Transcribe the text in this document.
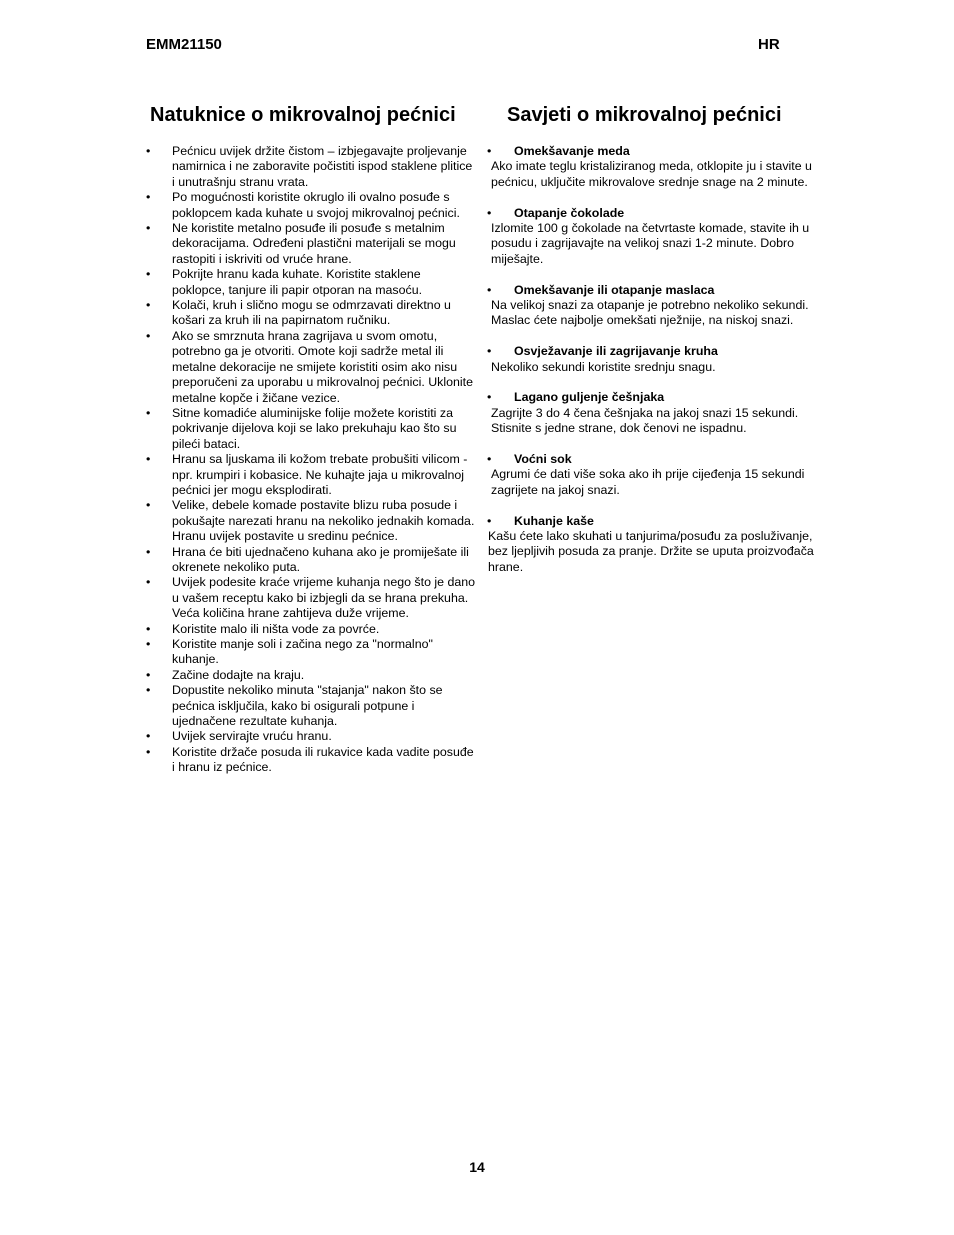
EMM21150	HR
Natuknice o mikrovalnoj pećnici	Savjeti o mikrovalnoj pećnici
•	Pećnicu uvijek držite čistom – izbjegavajte proljevanje namirnica i ne zaboravite počistiti ispod staklene plitice i unutrašnju stranu vrata.
•	Po mogućnosti koristite okruglo ili ovalno posuđe s poklopcem kada kuhate u svojoj mikrovalnoj pećnici.
•	Ne koristite metalno posuđe ili posuđe s metalnim dekoracijama. Određeni plastični materijali se mogu rastopiti i iskriviti od vruće hrane.
•	Pokrijte hranu kada kuhate. Koristite staklene poklopce, tanjure ili papir otporan na masoću.
•	Kolači, kruh i slično mogu se odmrzavati direktno u košari za kruh ili na papirnatom ručniku.
•	Ako se smrznuta hrana zagrijava u svom omotu, potrebno ga je otvoriti. Omote koji sadrže metal ili metalne dekoracije ne smijete koristiti osim ako nisu preporučeni za uporabu u mikrovalnoj pećnici. Uklonite metalne kopče i žičane vezice.
•	Sitne komadiće aluminijske folije možete koristiti za pokrivanje dijelova koji se lako prekuhaju kao što su pileći bataci.
•	Hranu sa ljuskama ili kožom trebate probušiti vilicom - npr. krumpiri i kobasice. Ne kuhajte jaja u mikrovalnoj pećnici jer mogu eksplodirati.
•	Velike, debele komade postavite blizu ruba posude i pokušajte narezati hranu na nekoliko jednakih komada. Hranu uvijek postavite u sredinu pećnice.
•	Hrana će biti ujednačeno kuhana ako je promiješate ili okrenete nekoliko puta.
•	Uvijek podesite kraće vrijeme kuhanja nego što je dano u vašem receptu kako bi izbjegli da se hrana prekuha. Veća količina hrane zahtijeva duže vrijeme.
•	Koristite malo ili ništa vode za povrće.
•	Koristite manje soli i začina nego za "normalno" kuhanje.
•	Začine dodajte na kraju.
•	Dopustite nekoliko minuta "stajanja" nakon što se pećnica isključila, kako bi osigurali potpune i ujednačene rezultate kuhanja.
•	Uvijek servirajte vruću hranu.
•	Koristite držače posuda ili rukavice kada vadite posuđe i hranu iz pećnice.
• Omekšavanje meda
Ako imate teglu kristaliziranog meda, otklopite ju i stavite u pećnicu, uključite mikrovalove srednje snage na 2 minute.
• Otapanje čokolade
Izlomite 100 g čokolade na četvrtaste komade, stavite ih u posudu i zagrijavajte na velikoj snazi 1-2 minute. Dobro miješajte.
• Omekšavanje ili otapanje maslaca
Na velikoj snazi za otapanje je potrebno nekoliko sekundi. Maslac ćete najbolje omekšati nježnije, na niskoj snazi.
• Osvježavanje ili zagrijavanje kruha
Nekoliko sekundi koristite srednju snagu.
• Lagano guljenje češnjaka
Zagrijte 3 do 4 čena češnjaka na jakoj snazi 15 sekundi. Stisnite s jedne strane, dok čenovi ne ispadnu.
• Voćni sok
Agrumi će dati više soka ako ih prije cijeđenja 15 sekundi zagrijete na jakoj snazi.
• Kuhanje kaše
Kašu ćete lako skuhati u tanjurima/posuđu za posluživanje, bez ljepljivih posuda za pranje. Držite se uputa proizvođača hrane.
14
